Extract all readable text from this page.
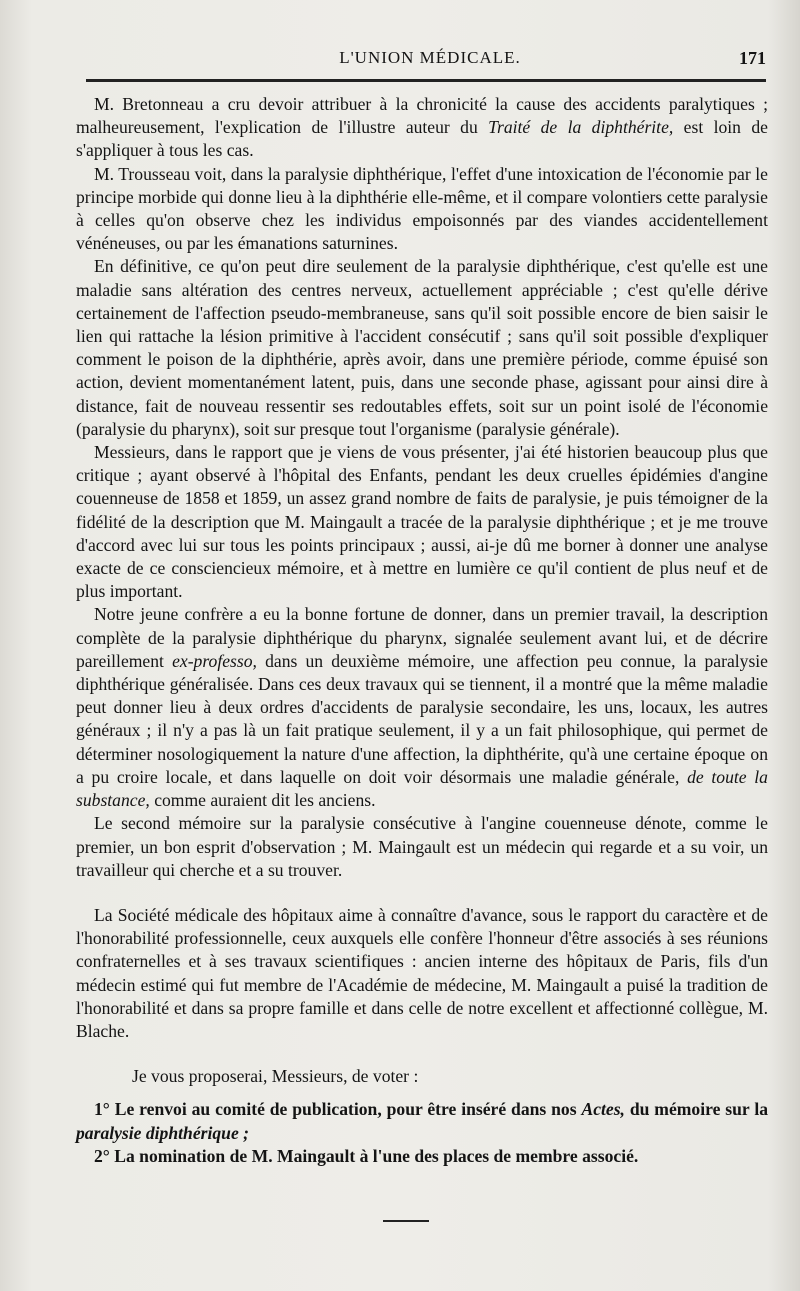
L'UNION MÉDICALE.	171

M. Bretonneau a cru devoir attribuer à la chronicité la cause des accidents paralytiques ; malheureusement, l'explication de l'illustre auteur du Traité de la diphthérite, est loin de s'appliquer à tous les cas.

M. Trousseau voit, dans la paralysie diphthérique, l'effet d'une intoxication de l'économie par le principe morbide qui donne lieu à la diphthérie elle-même, et il compare volontiers cette paralysie à celles qu'on observe chez les individus empoisonnés par des viandes accidentellement vénéneuses, ou par les émanations saturnines.

En définitive, ce qu'on peut dire seulement de la paralysie diphthérique, c'est qu'elle est une maladie sans altération des centres nerveux, actuellement appréciable ; c'est qu'elle dérive certainement de l'affection pseudo-membraneuse, sans qu'il soit possible encore de bien saisir le lien qui rattache la lésion primitive à l'accident consécutif ; sans qu'il soit possible d'expliquer comment le poison de la diphthérie, après avoir, dans une première période, comme épuisé son action, devient momentanément latent, puis, dans une seconde phase, agissant pour ainsi dire à distance, fait de nouveau ressentir ses redoutables effets, soit sur un point isolé de l'économie (paralysie du pharynx), soit sur presque tout l'organisme (paralysie générale).

Messieurs, dans le rapport que je viens de vous présenter, j'ai été historien beaucoup plus que critique ; ayant observé à l'hôpital des Enfants, pendant les deux cruelles épidémies d'angine couenneuse de 1858 et 1859, un assez grand nombre de faits de paralysie, je puis témoigner de la fidélité de la description que M. Maingault a tracée de la paralysie diphthérique ; et je me trouve d'accord avec lui sur tous les points principaux ; aussi, ai-je dû me borner à donner une analyse exacte de ce consciencieux mémoire, et à mettre en lumière ce qu'il contient de plus neuf et de plus important.

Notre jeune confrère a eu la bonne fortune de donner, dans un premier travail, la description complète de la paralysie diphthérique du pharynx, signalée seulement avant lui, et de décrire pareillement ex-professo, dans un deuxième mémoire, une affection peu connue, la paralysie diphthérique généralisée. Dans ces deux travaux qui se tiennent, il a montré que la même maladie peut donner lieu à deux ordres d'accidents de paralysie secondaire, les uns, locaux, les autres généraux ; il n'y a pas là un fait pratique seulement, il y a un fait philosophique, qui permet de déterminer nosologiquement la nature d'une affection, la diphthérite, qu'à une certaine époque on a pu croire locale, et dans laquelle on doit voir désormais une maladie générale, de toute la substance, comme auraient dit les anciens.

Le second mémoire sur la paralysie consécutive à l'angine couenneuse dénote, comme le premier, un bon esprit d'observation ; M. Maingault est un médecin qui regarde et a su voir, un travailleur qui cherche et a su trouver.

La Société médicale des hôpitaux aime à connaître d'avance, sous le rapport du caractère et de l'honorabilité professionnelle, ceux auxquels elle confère l'honneur d'être associés à ses réunions confraternelles et à ses travaux scientifiques : ancien interne des hôpitaux de Paris, fils d'un médecin estimé qui fut membre de l'Académie de médecine, M. Maingault a puisé la tradition de l'honorabilité et dans sa propre famille et dans celle de notre excellent et affectionné collègue, M. Blache.

Je vous proposerai, Messieurs, de voter :

1° Le renvoi au comité de publication, pour être inséré dans nos Actes, du mémoire sur la paralysie diphthérique ;

2° La nomination de M. Maingault à l'une des places de membre associé.
